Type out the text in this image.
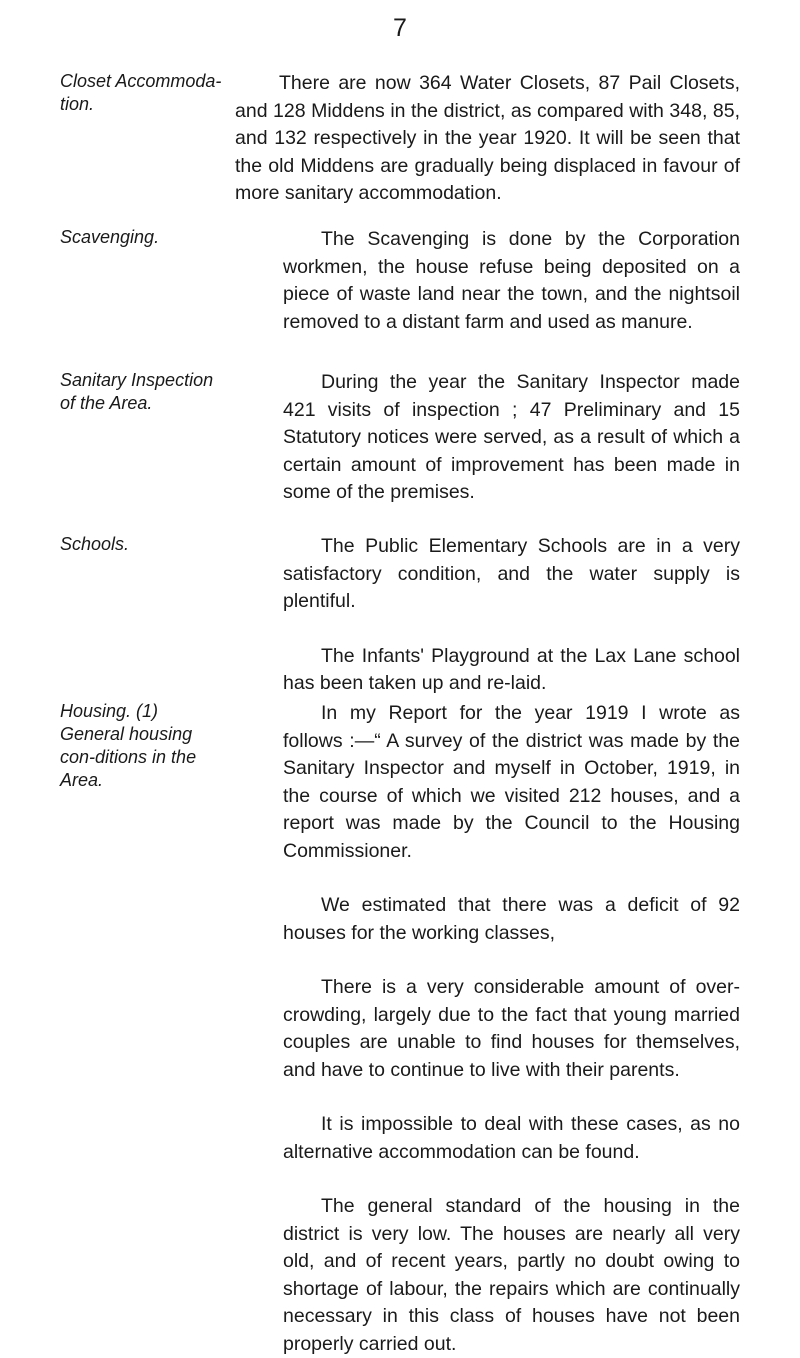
7
Closet Accommoda-tion.

There are now 364 Water Closets, 87 Pail Closets, and 128 Middens in the district, as compared with 348, 85, and 132 respectively in the year 1920. It will be seen that the old Middens are gradually being displaced in favour of more sanitary accommodation.

Scavenging.	The Scavenging is done by the Corporation workmen, the house refuse being deposited on a piece of waste land near the town, and the nightsoil removed to a distant farm and used as manure.

Sanitary Inspection of the Area.

During the year the Sanitary Inspector made 421 visits of inspection ; 47 Preliminary and 15 Statutory notices were served, as a result of which a certain amount of improvement has been made in some of the premises.

Schools.	The Public Elementary Schools are in a very satisfactory condition, and the water supply is plentiful.

The Infants' Playground at the Lax Lane school has been taken up and re-laid.

Housing. (1) General housing con-ditions in the Area.

In my Report for the year 1919 I wrote as follows :—“ A survey of the district was made by the Sanitary Inspector and myself in October, 1919, in the course of which we visited 212 houses, and a report was made by the Council to the Housing Commissioner.

We estimated that there was a deficit of 92 houses for the working classes,

There is a very considerable amount of over-crowding, largely due to the fact that young married couples are unable to find houses for themselves, and have to continue to live with their parents.

It is impossible to deal with these cases, as no alternative accommodation can be found.

The general standard of the housing in the district is very low. The houses are nearly all very old, and of recent years, partly no doubt owing to shortage of labour, the repairs which are continually necessary in this class of houses have not been properly carried out.
